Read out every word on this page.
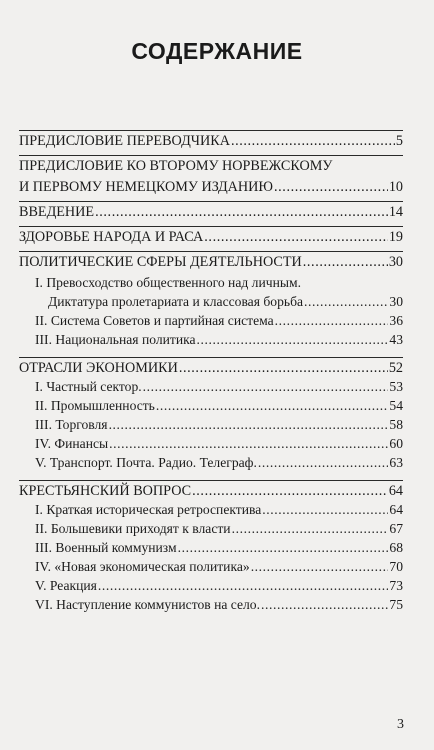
СОДЕРЖАНИЕ
ПРЕДИСЛОВИЕ ПЕРЕВОДЧИКА .....	5
ПРЕДИСЛОВИЕ КО ВТОРОМУ НОРВЕЖСКОМУ
И ПЕРВОМУ НЕМЕЦКОМУ ИЗДАНИЮ .....	10
ВВЕДЕНИЕ .....	14
ЗДОРОВЬЕ НАРОДА И РАСА .....	19
ПОЛИТИЧЕСКИЕ СФЕРЫ ДЕЯТЕЛЬНОСТИ .....	30
I. Превосходство общественного над личным.
Диктатура пролетариата и классовая борьба .....	30
II. Система Советов и партийная система .....	36
III. Национальная политика .....	43
ОТРАСЛИ ЭКОНОМИКИ .....	52
I. Частный сектор. .....	53
II. Промышленность .....	54
III. Торговля .....	58
IV. Финансы .....	60
V. Транспорт. Почта. Радио. Телеграф. .....	63
КРЕСТЬЯНСКИЙ ВОПРОС .....	64
I. Краткая историческая ретроспектива .....	64
II. Большевики приходят к власти .....	67
III. Военный коммунизм .....	68
IV. «Новая экономическая политика» .....	70
V. Реакция .....	73
VI. Наступление коммунистов на село. .....	75
3
